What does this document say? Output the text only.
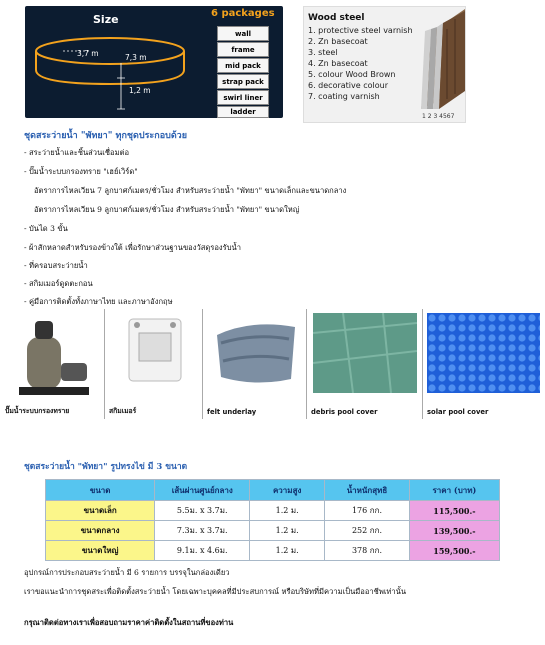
Size
3,7 m	7,3 m
1,2 m
6 packages
wall
frame
mid pack
strap pack
swirl liner
ladder
Wood steel
1. protective steel varnish
2. Zn basecoat
3. steel
4. Zn basecoat
5. colour Wood Brown
6. decorative colour
7. coating varnish
1 2 3 4567
ชุดสระว่ายน้ำ "พัทยา" ทุกชุดประกอบด้วย
- สระว่ายน้ำและชิ้นส่วนเชื่อมต่อ
- ปั๊มน้ำระบบกรองทราย "เฮย์เวิร์ด"
อัตราการไหลเวียน 7 ลูกบาศก์เมตร/ชั่วโมง สำหรับสระว่ายน้ำ "พัทยา" ขนาดเล็กและขนาดกลาง
อัตราการไหลเวียน 9 ลูกบาศก์เมตร/ชั่วโมง สำหรับสระว่ายน้ำ "พัทยา" ขนาดใหญ่
- บันได 3 ขั้น
- ผ้าสักหลาดสำหรับรองข้างใต้ เพื่อรักษาส่วนฐานของวัสดุรองรับน้ำ
- ที่ครอบสระว่ายน้ำ
- สกิมเมอร์ดูดตะกอน
- คู่มือการติดตั้งทั้งภาษาไทย และภาษาอังกฤษ
ปั๊มน้ำระบบกรองทราย	สกิมเมอร์	felt underlay	debris pool cover	solar pool cover
ชุดสระว่ายน้ำ "พัทยา" รูปทรงไข่ มี 3 ขนาด
ขนาด	เส้นผ่านศูนย์กลาง	ความสูง	น้ำหนักสุทธิ	ราคา (บาท)
ขนาดเล็ก	5.5ม. x 3.7ม.	1.2 ม.	176 กก.	115,500.-
ขนาดกลาง	7.3ม. x 3.7ม.	1.2 ม.	252 กก.	139,500.-
ขนาดใหญ่	9.1ม. x 4.6ม.	1.2 ม.	378 กก.	159,500.-
อุปกรณ์การประกอบสระว่ายน้ำ มี 6 รายการ บรรจุในกล่องเดียว
เราขอแนะนำการชุดสระเพื่อติดตั้งสระว่ายน้ำ โดยเฉพาะบุคคลที่มีประสบการณ์ หรือบริษัทที่มีความเป็นมืออาชีพเท่านั้น
กรุณาติดต่อทางเราเพื่อสอบถามราคาค่าติดตั้งในสถานที่ของท่าน
